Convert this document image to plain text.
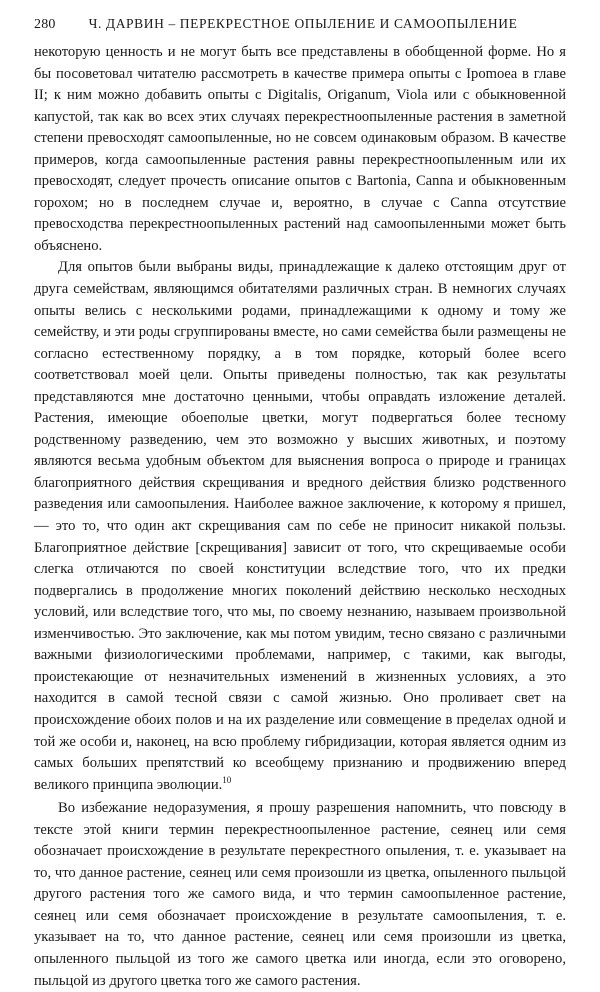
280	Ч. ДАРВИН – ПЕРЕКРЕСТНОЕ ОПЫЛЕНИЕ И САМООПЫЛЕНИЕ

некоторую ценность и не могут быть все представлены в обобщенной форме. Но я бы посоветовал читателю рассмотреть в качестве примера опыты с Ipomoea в главе II; к ним можно добавить опыты с Digitalis, Origanum, Viola или с обыкновенной капустой, так как во всех этих случаях перекрестноопыленные растения в заметной степени превосходят самоопыленные, но не совсем одинаковым образом. В качестве примеров, когда самоопыленные растения равны перекрестноопыленным или их превосходят, следует прочесть описание опытов с Bartonia, Canna и обыкновенным горохом; но в последнем случае и, вероятно, в случае с Canna отсутствие превосходства перекрестноопыленных растений над самоопыленными может быть объяснено.

Для опытов были выбраны виды, принадлежащие к далеко отстоящим друг от друга семействам, являющимся обитателями различных стран. В немногих случаях опыты велись с несколькими родами, принадлежащими к одному и тому же семейству, и эти роды сгруппированы вместе, но сами семейства были размещены не согласно естественному порядку, а в том порядке, который более всего соответствовал моей цели. Опыты приведены полностью, так как результаты представляются мне достаточно ценными, чтобы оправдать изложение деталей. Растения, имеющие обоеполые цветки, могут подвергаться более тесному родственному разведению, чем это возможно у высших животных, и поэтому являются весьма удобным объектом для выяснения вопроса о природе и границах благоприятного действия скрещивания и вредного действия близко родственного разведения или самоопыления. Наиболее важное заключение, к которому я пришел, — это то, что один акт скрещивания сам по себе не приносит никакой пользы. Благоприятное действие [скрещивания] зависит от того, что скрещиваемые особи слегка отличаются по своей конституции вследствие того, что их предки подвергались в продолжение многих поколений действию несколько несходных условий, или вследствие того, что мы, по своему незнанию, называем произвольной изменчивостью. Это заключение, как мы потом увидим, тесно связано с различными важными физиологическими проблемами, например, с такими, как выгоды, проистекающие от незначительных изменений в жизненных условиях, а это находится в самой тесной связи с самой жизнью. Оно проливает свет на происхождение обоих полов и на их разделение или совмещение в пределах одной и той же особи и, наконец, на всю проблему гибридизации, которая является одним из самых больших препятствий ко всеобщему признанию и продвижению вперед великого принципа эволюции.$^{10}$

Во избежание недоразумения, я прошу разрешения напомнить, что повсюду в тексте этой книги термин перекрестноопыленное растение, сеянец или семя обозначает происхождение в результате перекрестного опыления, т. е. указывает на то, что данное растение, сеянец или семя произошли из цветка, опыленного пыльцой другого растения того же самого вида, и что термин самоопыленное растение, сеянец или семя обозначает происхождение в результате самоопыления, т. е. указывает на то, что данное растение, сеянец или семя произошли из цветка, опыленного пыльцой из того же самого цветка или иногда, если это оговорено, пыльцой из другого цветка того же самого растения.
